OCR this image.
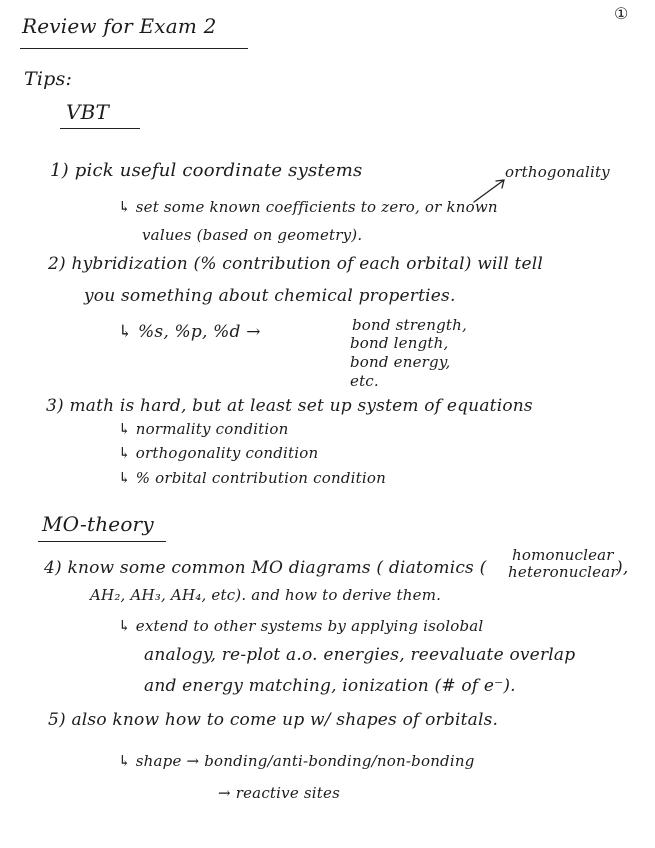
①
Review for Exam 2
Tips:
VBT
1) pick useful coordinate systems	orthogonality
↳ set some known coefficients to zero, or known
values (based on geometry).
2) hybridization (% contribution of each orbital) will tell
you something about chemical properties.
↳ %s, %p, %d →	bond strength,
bond length,
bond energy,
etc.
3) math is hard, but at least set up system of equations
↳ normality condition
↳ orthogonality condition
↳ % orbital contribution condition
MO-theory
4) know some common MO diagrams ( diatomics (
homonuclear
heteronuclear
),
AH₂, AH₃, AH₄, etc). and how to derive them.
↳ extend to other systems by applying isolobal
analogy, re-plot a.o. energies, reevaluate overlap
and energy matching, ionization (# of e⁻).
5) also know how to come up w/ shapes of orbitals.
↳ shape → bonding/anti-bonding/non-bonding
→ reactive sites
